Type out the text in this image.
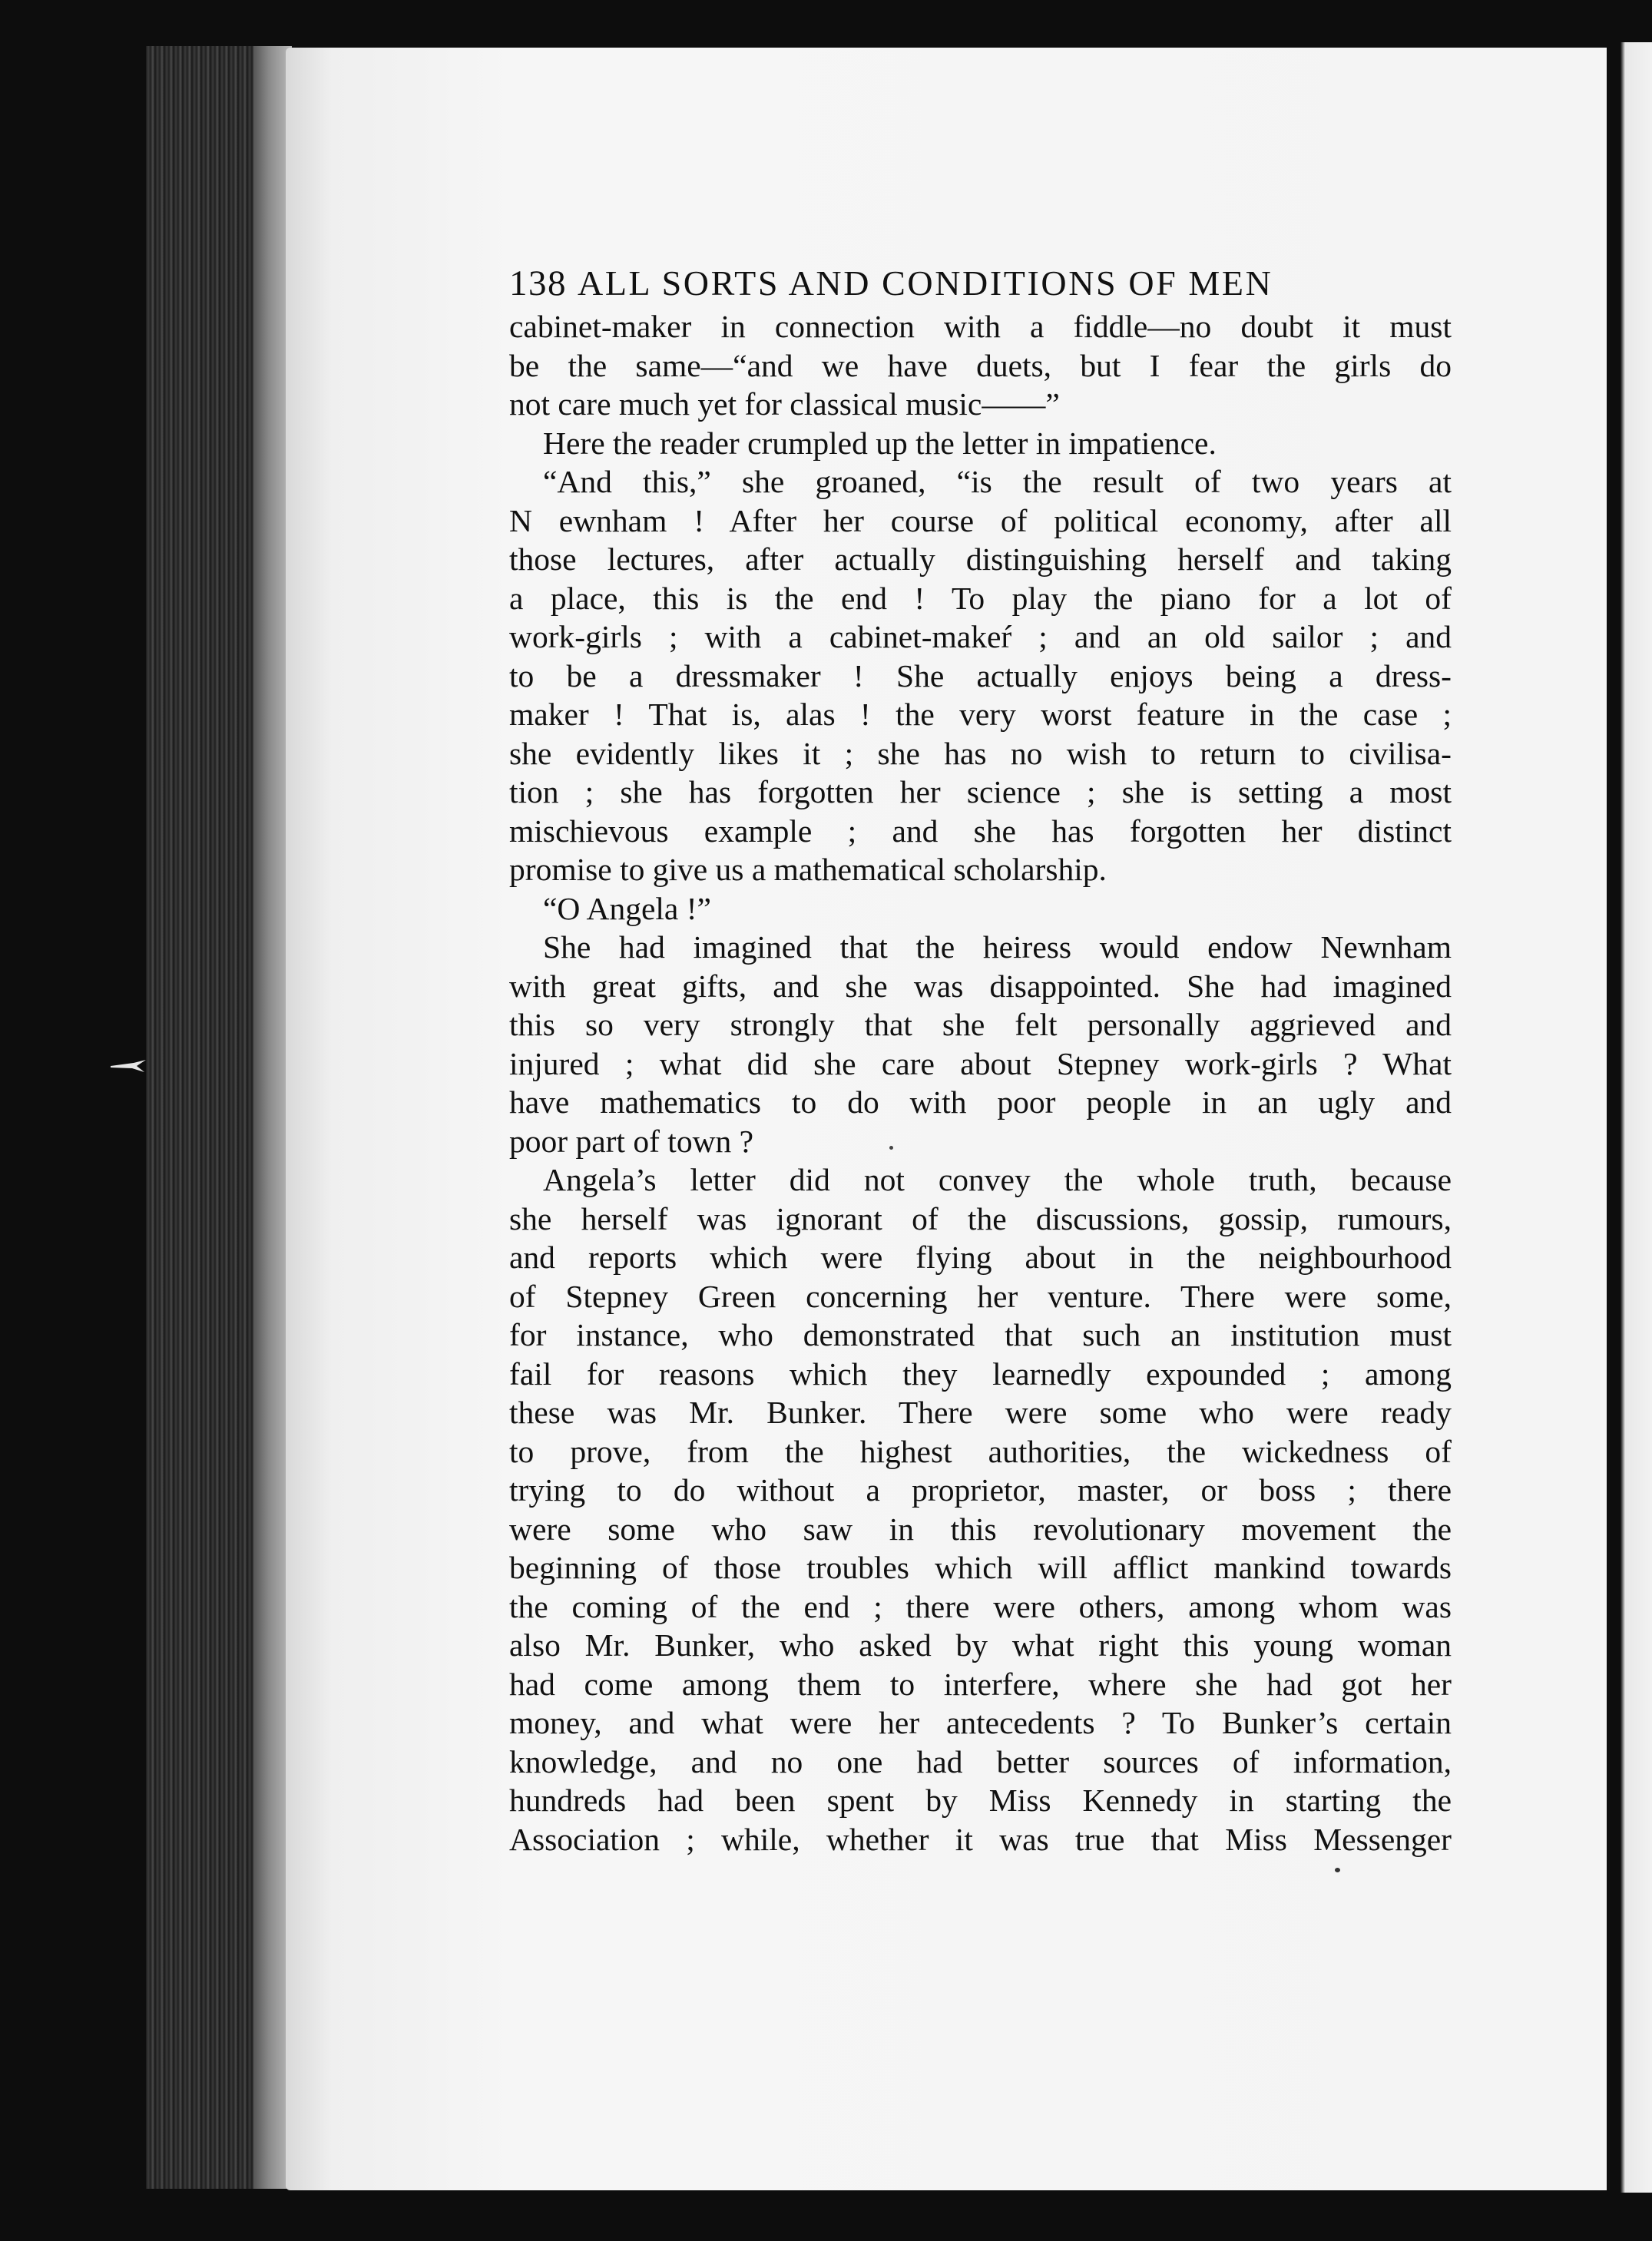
138 ALL SORTS AND CONDITIONS OF MEN
cabinet-maker in connection with a fiddle—no doubt it must
be the same—“and we have duets, but I fear the girls do
not care much yet for classical music——”
Here the reader crumpled up the letter in impatience.
“And this,” she groaned, “is the result of two years at
N ewnham ! After her course of political economy, after all
those lectures, after actually distinguishing herself and taking
a place, this is the end ! To play the piano for a lot of
work-girls ; with a cabinet-makeŕ ; and an old sailor ; and
to be a dressmaker ! She actually enjoys being a dress-
maker ! That is, alas ! the very worst feature in the case ;
she evidently likes it ; she has no wish to return to civilisa-
tion ; she has forgotten her science ; she is setting a most
mischievous example ; and she has forgotten her distinct
promise to give us a mathematical scholarship.
“O Angela !”
She had imagined that the heiress would endow Newnham
with great gifts, and she was disappointed. She had imagined
this so very strongly that she felt personally aggrieved and
injured ; what did she care about Stepney work-girls ? What
have mathematics to do with poor people in an ugly and
poor part of town ?
Angela’s letter did not convey the whole truth, because
she herself was ignorant of the discussions, gossip, rumours,
and reports which were flying about in the neighbourhood
of Stepney Green concerning her venture. There were some,
for instance, who demonstrated that such an institution must
fail for reasons which they learnedly expounded ; among
these was Mr. Bunker. There were some who were ready
to prove, from the highest authorities, the wickedness of
trying to do without a proprietor, master, or boss ; there
were some who saw in this revolutionary movement the
beginning of those troubles which will afflict mankind towards
the coming of the end ; there were others, among whom was
also Mr. Bunker, who asked by what right this young woman
had come among them to interfere, where she had got her
money, and what were her antecedents ? To Bunker’s certain
knowledge, and no one had better sources of information,
hundreds had been spent by Miss Kennedy in starting the
Association ; while, whether it was true that Miss Messenger
